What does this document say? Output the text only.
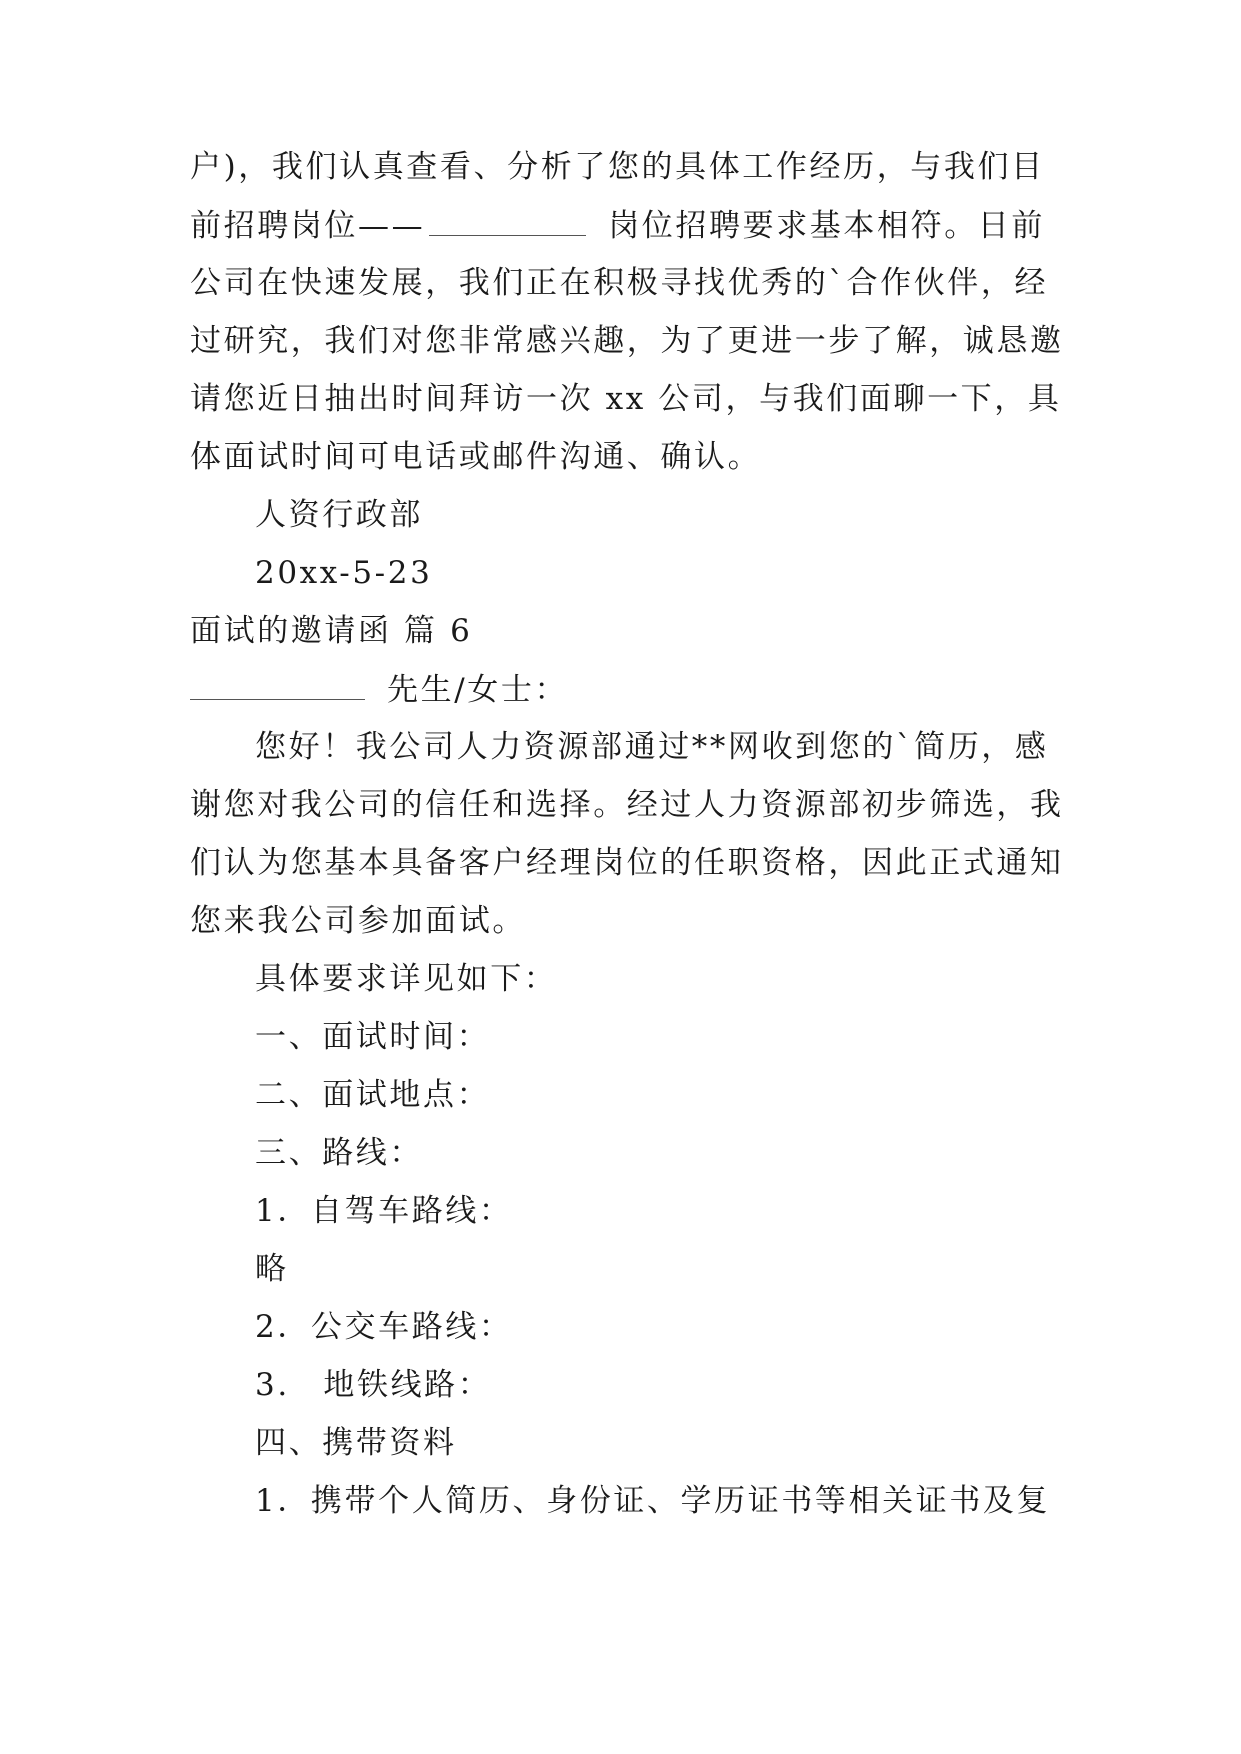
户)，我们认真查看、分析了您的具体工作经历，与我们目
前招聘岗位——	岗位招聘要求基本相符。日前
公司在快速发展，我们正在积极寻找优秀的`合作伙伴，经
过研究，我们对您非常感兴趣，为了更进一步了解，诚恳邀
请您近日抽出时间拜访一次 xx 公司，与我们面聊一下，具
体面试时间可电话或邮件沟通、确认。
人资行政部
20xx-5-23
面试的邀请函 篇 6
先生/女士：
您好！我公司人力资源部通过**网收到您的`简历，感
谢您对我公司的信任和选择。经过人力资源部初步筛选，我
们认为您基本具备客户经理岗位的任职资格，因此正式通知
您来我公司参加面试。
具体要求详见如下：
一、面试时间：
二、面试地点：
三、路线：
1．自驾车路线：
略
2．公交车路线：
3.　地铁线路：
四、携带资料
1．携带个人简历、身份证、学历证书等相关证书及复
